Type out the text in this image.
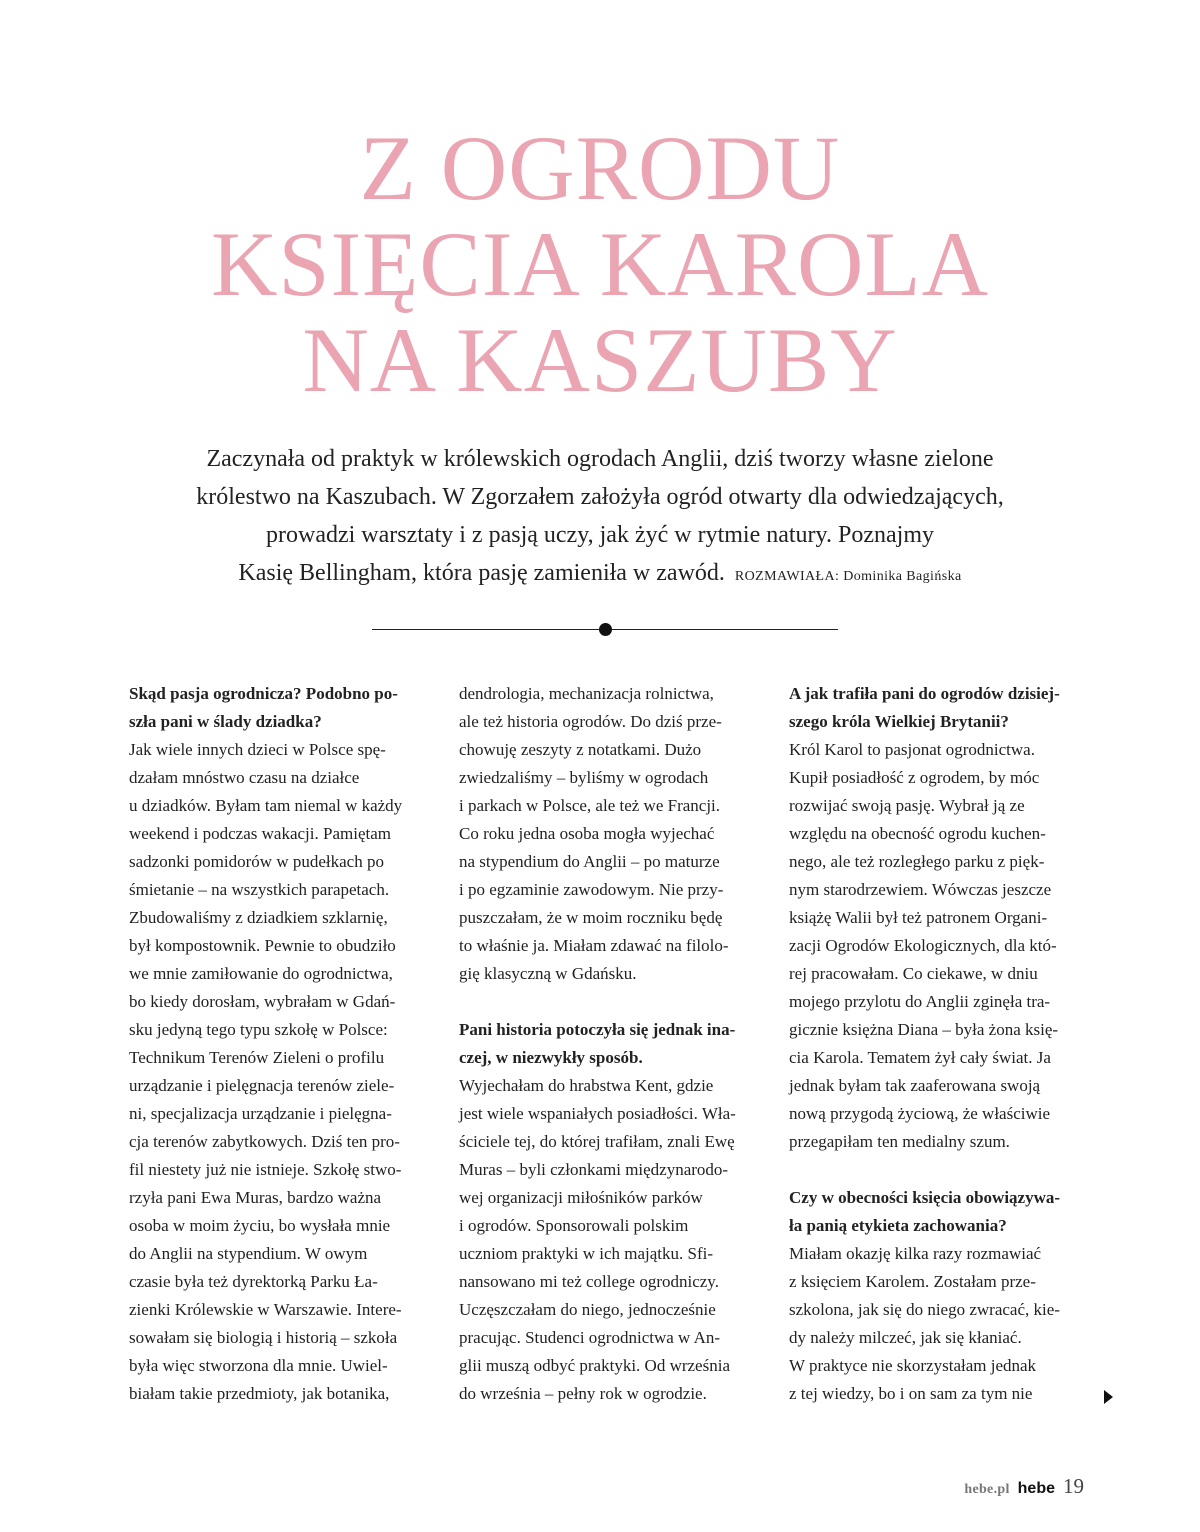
Z OGRODU
KSIĘCIA KAROLA
NA KASZUBY
Zaczynała od praktyk w królewskich ogrodach Anglii, dziś tworzy własne zielone
królestwo na Kaszubach. W Zgorzałem założyła ogród otwarty dla odwiedzających,
prowadzi warsztaty i z pasją uczy, jak żyć w rytmie natury. Poznajmy
Kasię Bellingham, która pasję zamieniła w zawód. ROZMAWIAŁA: Dominika Bagińska
Skąd pasja ogrodnicza? Podobno po-
szła pani w ślady dziadka?
Jak wiele innych dzieci w Polsce spę-
dzałam mnóstwo czasu na działce
u dziadków. Byłam tam niemal w każdy
weekend i podczas wakacji. Pamiętam
sadzonki pomidorów w pudełkach po
śmietanie – na wszystkich parapetach.
Zbudowaliśmy z dziadkiem szklarnię,
był kompostownik. Pewnie to obudziło
we mnie zamiłowanie do ogrodnictwa,
bo kiedy dorosłam, wybrałam w Gdań-
sku jedyną tego typu szkołę w Polsce:
Technikum Terenów Zieleni o profilu
urządzanie i pielęgnacja terenów ziele-
ni, specjalizacja urządzanie i pielęgna-
cja terenów zabytkowych. Dziś ten pro-
fil niestety już nie istnieje. Szkołę stwo-
rzyła pani Ewa Muras, bardzo ważna
osoba w moim życiu, bo wysłała mnie
do Anglii na stypendium. W owym
czasie była też dyrektorką Parku Ła-
zienki Królewskie w Warszawie. Intere-
sowałam się biologią i historią – szkoła
była więc stworzona dla mnie. Uwiel-
białam takie przedmioty, jak botanika,
dendrologia, mechanizacja rolnictwa,
ale też historia ogrodów. Do dziś prze-
chowuję zeszyty z notatkami. Dużo
zwiedzaliśmy – byliśmy w ogrodach
i parkach w Polsce, ale też we Francji.
Co roku jedna osoba mogła wyjechać
na stypendium do Anglii – po maturze
i po egzaminie zawodowym. Nie przy-
puszczałam, że w moim roczniku będę
to właśnie ja. Miałam zdawać na filolo-
gię klasyczną w Gdańsku.
Pani historia potoczyła się jednak ina-
czej, w niezwykły sposób.
Wyjechałam do hrabstwa Kent, gdzie
jest wiele wspaniałych posiadłości. Wła-
ściciele tej, do której trafiłam, znali Ewę
Muras – byli członkami międzynarodo-
wej organizacji miłośników parków
i ogrodów. Sponsorowali polskim
uczniom praktyki w ich majątku. Sfi-
nansowano mi też college ogrodniczy.
Uczęszczałam do niego, jednocześnie
pracując. Studenci ogrodnictwa w An-
glii muszą odbyć praktyki. Od września
do września – pełny rok w ogrodzie.
A jak trafiła pani do ogrodów dzisiej-
szego króla Wielkiej Brytanii?
Król Karol to pasjonat ogrodnictwa.
Kupił posiadłość z ogrodem, by móc
rozwijać swoją pasję. Wybrał ją ze
względu na obecność ogrodu kuchen-
nego, ale też rozległego parku z pięk-
nym starodrzewiem. Wówczas jeszcze
książę Walii był też patronem Organi-
zacji Ogrodów Ekologicznych, dla któ-
rej pracowałam. Co ciekawe, w dniu
mojego przylotu do Anglii zginęła tra-
gicznie księżna Diana – była żona księ-
cia Karola. Tematem żył cały świat. Ja
jednak byłam tak zaaferowana swoją
nową przygodą życiową, że właściwie
przegapiłam ten medialny szum.
Czy w obecności księcia obowiązywa-
ła panią etykieta zachowania?
Miałam okazję kilka razy rozmawiać
z księciem Karolem. Zostałam prze-
szkolona, jak się do niego zwracać, kie-
dy należy milczeć, jak się kłaniać.
W praktyce nie skorzystałam jednak
z tej wiedzy, bo i on sam za tym nie
hebe.pl hebe 19
